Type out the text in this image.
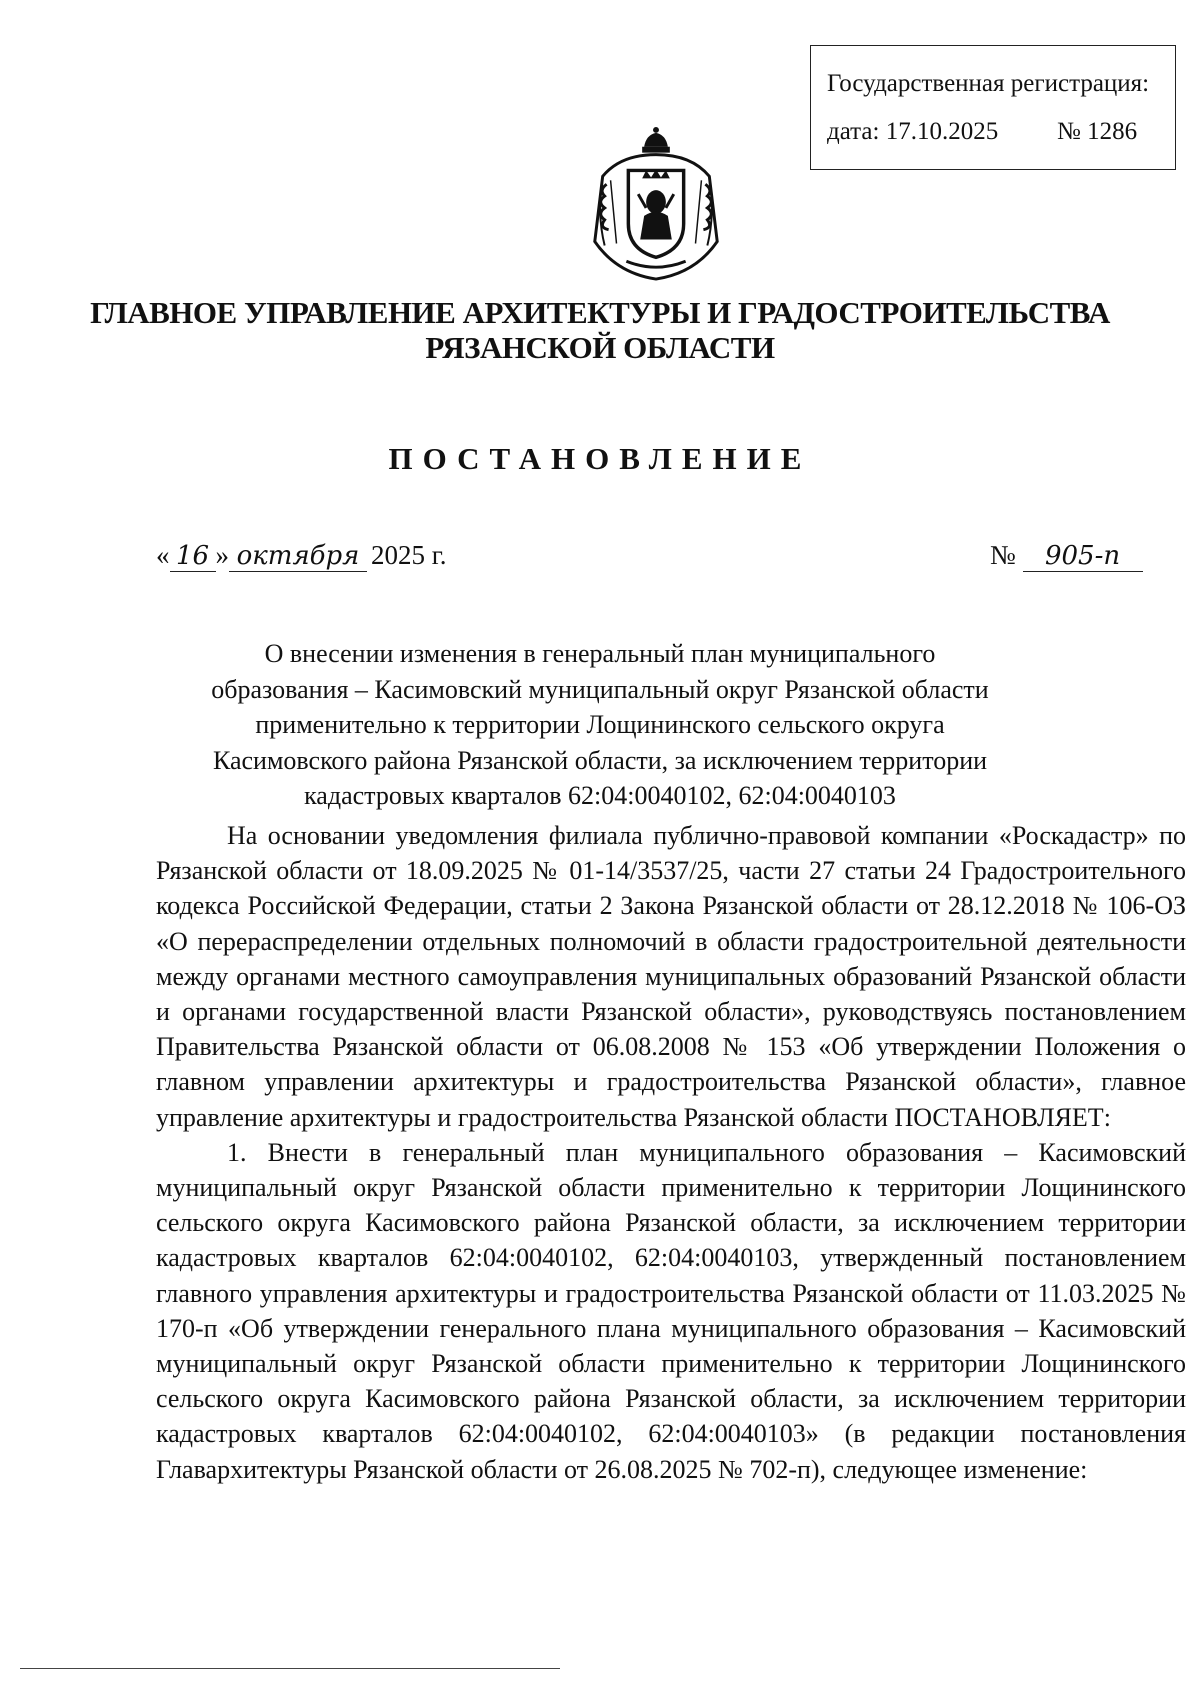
Государственная регистрация:
дата: 17.10.2025 № 1286
ГЛАВНОЕ УПРАВЛЕНИЕ АРХИТЕКТУРЫ И ГРАДОСТРОИТЕЛЬСТВА
РЯЗАНСКОЙ ОБЛАСТИ
ПОСТАНОВЛЕНИЕ
« 16 » октября 2025 г.	№ 905-п
О внесении изменения в генеральный план муниципального
образования – Касимовский муниципальный округ Рязанской области
применительно к территории Лощининского сельского округа
Касимовского района Рязанской области, за исключением территории
кадастровых кварталов 62:04:0040102, 62:04:0040103

На основании уведомления филиала публично-правовой компании «Роскадастр» по Рязанской области от 18.09.2025 № 01-14/3537/25, части 27 статьи 24 Градостроительного кодекса Российской Федерации, статьи 2 Закона Рязанской области от 28.12.2018 № 106-ОЗ «О перераспределении отдельных полномочий в области градостроительной деятельности между органами местного самоуправления муниципальных образований Рязанской области и органами государственной власти Рязанской области», руководствуясь постановлением Правительства Рязанской области от 06.08.2008 № 153 «Об утверждении Положения о главном управлении архитектуры и градостроительства Рязанской области», главное управление архитектуры и градостроительства Рязанской области ПОСТАНОВЛЯЕТ:

1. Внести в генеральный план муниципального образования – Касимовский муниципальный округ Рязанской области применительно к территории Лощининского сельского округа Касимовского района Рязанской области, за исключением территории кадастровых кварталов 62:04:0040102, 62:04:0040103, утвержденный постановлением главного управления архитектуры и градостроительства Рязанской области от 11.03.2025 № 170-п «Об утверждении генерального плана муниципального образования – Касимовский муниципальный округ Рязанской области применительно к территории Лощининского сельского округа Касимовского района Рязанской области, за исключением территории кадастровых кварталов 62:04:0040102, 62:04:0040103» (в редакции постановления Главархитектуры Рязанской области от 26.08.2025 № 702-п), следующее изменение:
